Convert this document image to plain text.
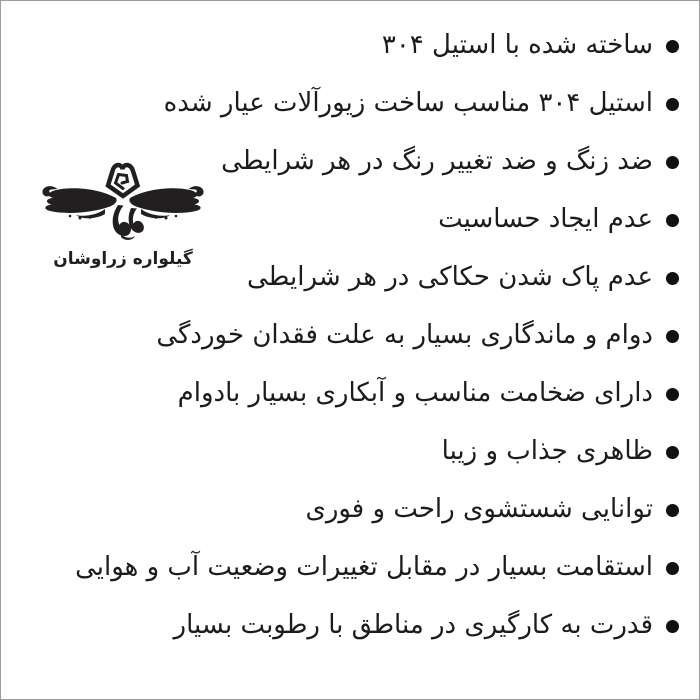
گیلواره زراوشان
ساخته شده با استیل ۳۰۴
استیل ۳۰۴ مناسب ساخت زیورآلات عیار شده
ضد زنگ و ضد تغییر رنگ در هر شرایطی
عدم ایجاد حساسیت
عدم پاک شدن حکاکی در هر شرایطی
دوام و ماندگاری بسیار به علت فقدان خوردگی
دارای ضخامت مناسب و آبکاری بسیار بادوام
ظاهری جذاب و زیبا
توانایی شستشوی راحت و فوری
استقامت بسیار در مقابل تغییرات وضعیت آب و هوایی
قدرت به کارگیری در مناطق با رطوبت بسیار
